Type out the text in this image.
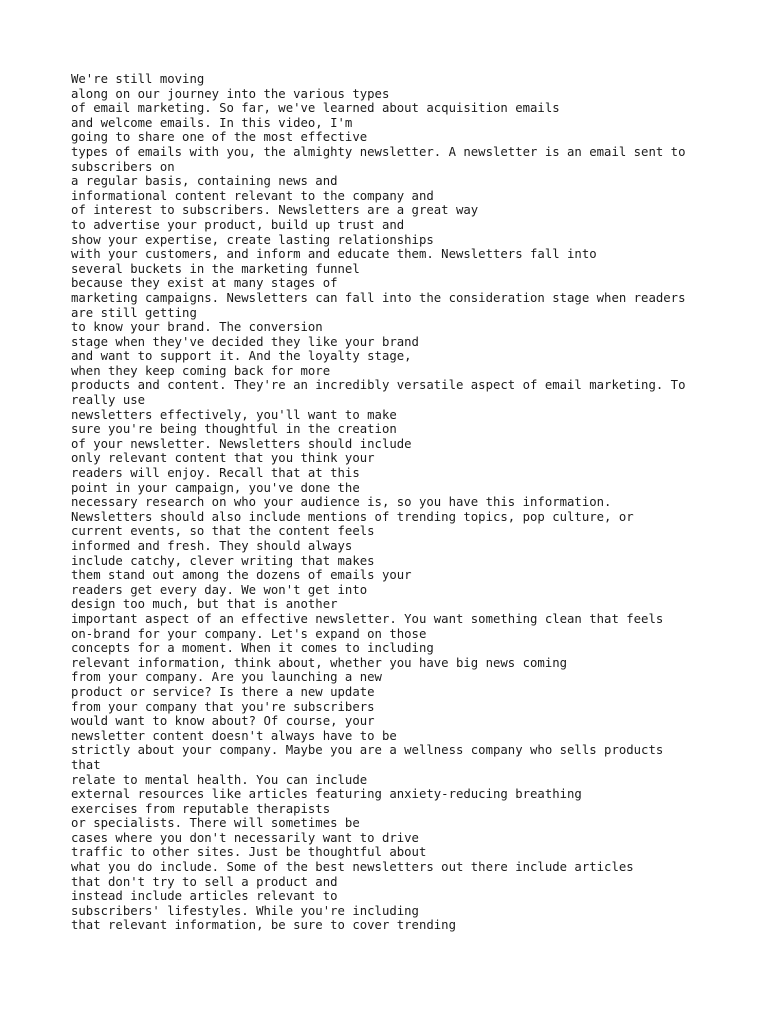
We're still moving
along on our journey into the various types
of email marketing. So far, we've learned about acquisition emails
and welcome emails. In this video, I'm
going to share one of the most effective
types of emails with you, the almighty newsletter. A newsletter is an email sent to
subscribers on
a regular basis, containing news and
informational content relevant to the company and
of interest to subscribers. Newsletters are a great way
to advertise your product, build up trust and
show your expertise, create lasting relationships
with your customers, and inform and educate them. Newsletters fall into
several buckets in the marketing funnel
because they exist at many stages of
marketing campaigns. Newsletters can fall into the consideration stage when readers
are still getting
to know your brand. The conversion
stage when they've decided they like your brand
and want to support it. And the loyalty stage,
when they keep coming back for more
products and content. They're an incredibly versatile aspect of email marketing. To
really use
newsletters effectively, you'll want to make
sure you're being thoughtful in the creation
of your newsletter. Newsletters should include
only relevant content that you think your
readers will enjoy. Recall that at this
point in your campaign, you've done the
necessary research on who your audience is, so you have this information.
Newsletters should also include mentions of trending topics, pop culture, or
current events, so that the content feels
informed and fresh. They should always
include catchy, clever writing that makes
them stand out among the dozens of emails your
readers get every day. We won't get into
design too much, but that is another
important aspect of an effective newsletter. You want something clean that feels
on-brand for your company. Let's expand on those
concepts for a moment. When it comes to including
relevant information, think about, whether you have big news coming
from your company. Are you launching a new
product or service? Is there a new update
from your company that you're subscribers
would want to know about? Of course, your
newsletter content doesn't always have to be
strictly about your company. Maybe you are a wellness company who sells products
that
relate to mental health. You can include
external resources like articles featuring anxiety-reducing breathing
exercises from reputable therapists
or specialists. There will sometimes be
cases where you don't necessarily want to drive
traffic to other sites. Just be thoughtful about
what you do include. Some of the best newsletters out there include articles
that don't try to sell a product and
instead include articles relevant to
subscribers' lifestyles. While you're including
that relevant information, be sure to cover trending
